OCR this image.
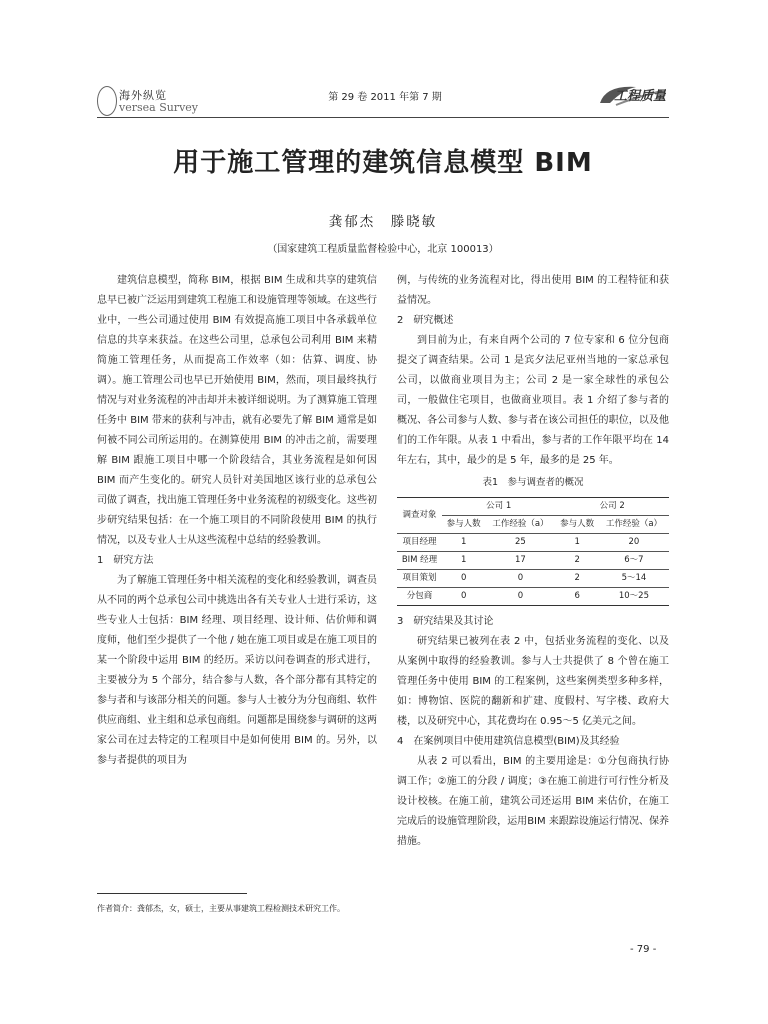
海外纵览
versea Survey
第 29 卷 2011 年第 7 期	工程质量
用于施工管理的建筑信息模型 BIM
龚郁杰　滕晓敏
（国家建筑工程质量监督检验中心，北京 100013）

建筑信息模型，简称 BIM，根据 BIM 生成和共享的建筑信息早已被广泛运用到建筑工程施工和设施管理等领域。在这些行业中，一些公司通过使用 BIM 有效提高施工项目中各承载单位信息的共享来获益。在这些公司里，总承包公司利用 BIM 来精简施工管理任务，从而提高工作效率（如：估算、调度、协调）。施工管理公司也早已开始使用 BIM，然而，项目最终执行情况与对业务流程的冲击却并未被详细说明。为了测算施工管理任务中 BIM 带来的获利与冲击，就有必要先了解 BIM 通常是如何被不同公司所运用的。在测算使用 BIM 的冲击之前，需要理解 BIM 跟施工项目中哪一个阶段结合，其业务流程是如何因 BIM 而产生变化的。研究人员针对美国地区该行业的总承包公司做了调查，找出施工管理任务中业务流程的初级变化。这些初步研究结果包括：在一个施工项目的不同阶段使用 BIM 的执行情况，以及专业人士从这些流程中总结的经验教训。

1　研究方法

为了解施工管理任务中相关流程的变化和经验教训，调查员从不同的两个总承包公司中挑选出各有关专业人士进行采访，这些专业人士包括：BIM 经理、项目经理、设计师、估价师和调度师，他们至少提供了一个他 / 她在施工项目或是在施工项目的某一个阶段中运用 BIM 的经历。采访以问卷调查的形式进行，主要被分为 5 个部分，结合参与人数，各个部分都有其特定的参与者和与该部分相关的问题。参与人士被分为分包商组、软件供应商组、业主组和总承包商组。问题都是围绕参与调研的这两家公司在过去特定的工程项目中是如何使用 BIM 的。另外，以参与者提供的项目为

例，与传统的业务流程对比，得出使用 BIM 的工程特征和获益情况。

2　研究概述

到目前为止，有来自两个公司的 7 位专家和 6 位分包商提交了调查结果。公司 1 是宾夕法尼亚州当地的一家总承包公司，以做商业项目为主；公司 2 是一家全球性的承包公司，一般做住宅项目，也做商业项目。表 1 介绍了参与者的概况、各公司参与人数、参与者在该公司担任的职位，以及他们的工作年限。从表 1 中看出，参与者的工作年限平均在 14 年左右，其中，最少的是 5 年，最多的是 25 年。

表1　参与调查者的概况
调查对象	公司 1		公司 2	
	参与人数	工作经验（a）	参与人数	工作经验（a）
项目经理	1	25	1	20
BIM 经理	1	17	2	6～7
项目策划	0	0	2	5～14
分包商	0	0	6	10～25

3　研究结果及其讨论

研究结果已被列在表 2 中，包括业务流程的变化、以及从案例中取得的经验教训。参与人士共提供了 8 个曾在施工管理任务中使用 BIM 的工程案例，这些案例类型多种多样，如：博物馆、医院的翻新和扩建、度假村、写字楼、政府大楼，以及研究中心，其花费均在 0.95～5 亿美元之间。

4　在案例项目中使用建筑信息模型(BIM)及其经验

从表 2 可以看出，BIM 的主要用途是：①分包商执行协调工作；②施工的分段 / 调度；③在施工前进行可行性分析及设计校核。在施工前，建筑公司还运用 BIM 来估价，在施工完成后的设施管理阶段，运用BIM 来跟踪设施运行情况、保养措施。

作者简介：龚郁杰，女，硕士，主要从事建筑工程检测技术研究工作。
- 79 -
